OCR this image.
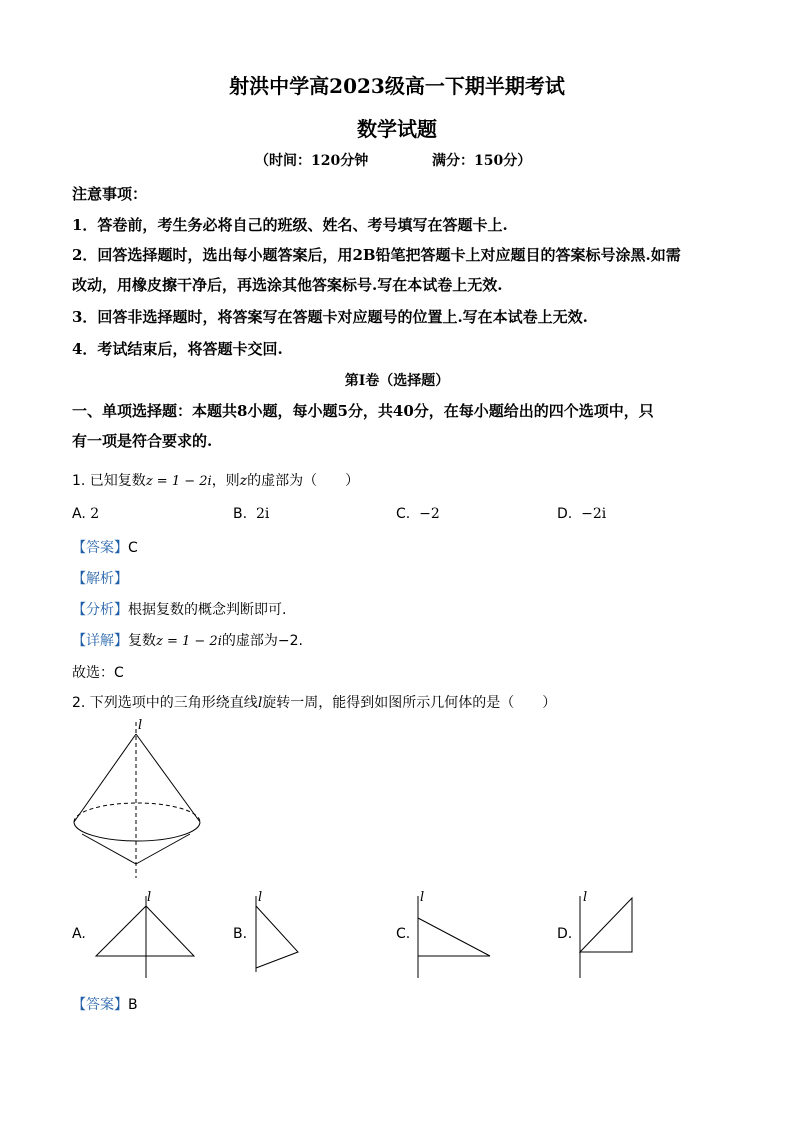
射洪中学高2023级高一下期半期考试
数学试题
（时间：120分钟	满分：150分）
注意事项：
1．答卷前，考生务必将自己的班级、姓名、考号填写在答题卡上.
2．回答选择题时，选出每小题答案后，用2B铅笔把答题卡上对应题目的答案标号涂黑.如需
改动，用橡皮擦干净后，再选涂其他答案标号.写在本试卷上无效.
3．回答非选择题时，将答案写在答题卡对应题号的位置上.写在本试卷上无效.
4．考试结束后，将答题卡交回.
第Ⅰ卷（选择题）
一、单项选择题：本题共8小题，每小题5分，共40分，在每小题给出的四个选项中，只
有一项是符合要求的.
1. 已知复数z = 1 − 2i，则z的虚部为（　　）
A. 2	B. 2i	C. −2	D. −2i
【答案】C
【解析】
【分析】根据复数的概念判断即可.
【详解】复数z = 1 − 2i的虚部为−2.
故选：C
2. 下列选项中的三角形绕直线l旋转一周，能得到如图所示几何体的是（　　）
l
A.
l
B.
l
C.
l
D.
l
【答案】B
